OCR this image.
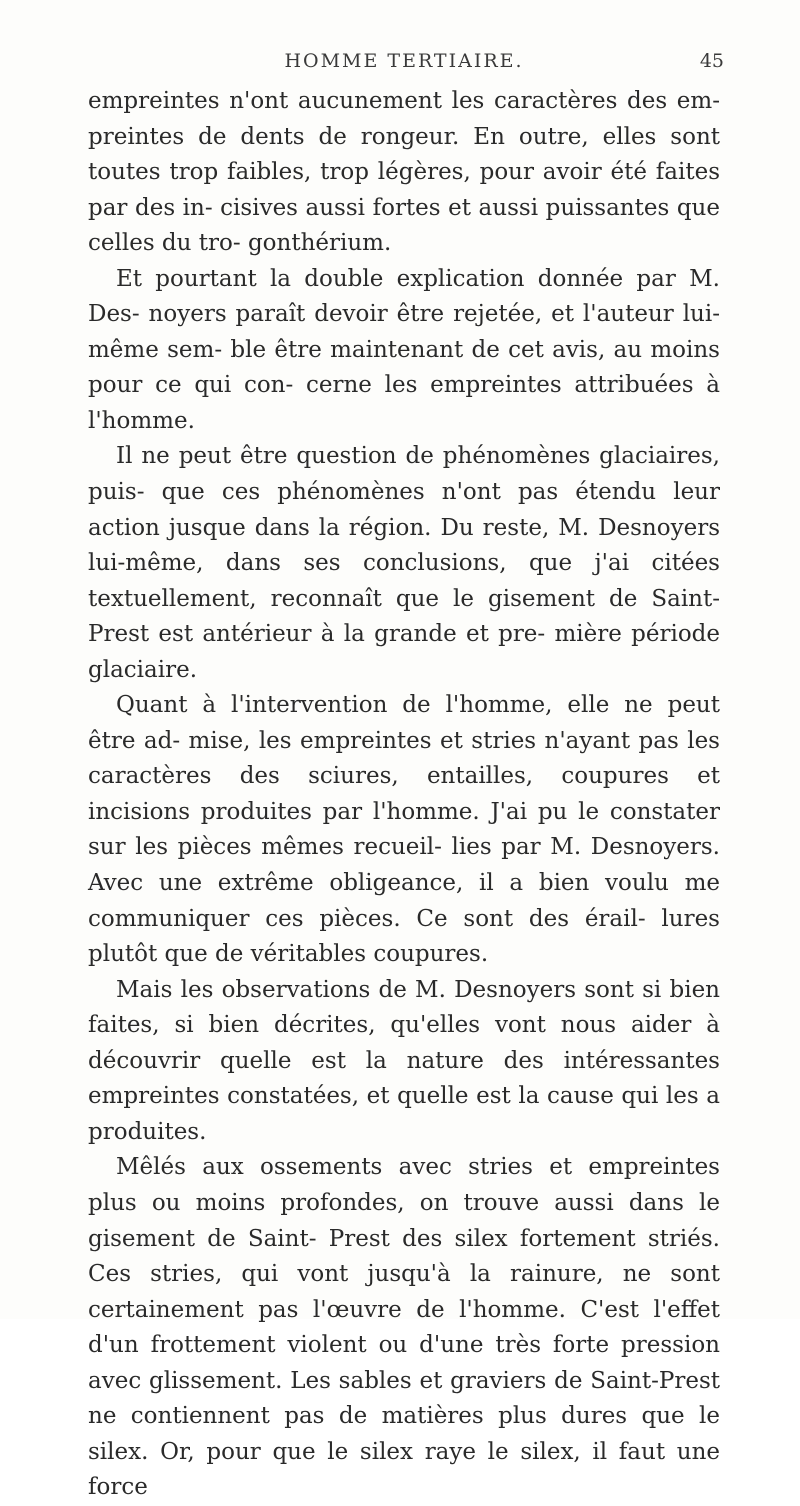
HOMME TERTIAIRE.	45

empreintes n'ont aucunement les caractères des em- preintes de dents de rongeur. En outre, elles sont toutes trop faibles, trop légères, pour avoir été faites par des in- cisives aussi fortes et aussi puissantes que celles du tro- gonthérium.

Et pourtant la double explication donnée par M. Des- noyers paraît devoir être rejetée, et l'auteur lui-même sem- ble être maintenant de cet avis, au moins pour ce qui con- cerne les empreintes attribuées à l'homme.

Il ne peut être question de phénomènes glaciaires, puis- que ces phénomènes n'ont pas étendu leur action jusque dans la région. Du reste, M. Desnoyers lui-même, dans ses conclusions, que j'ai citées textuellement, reconnaît que le gisement de Saint-Prest est antérieur à la grande et pre- mière période glaciaire.

Quant à l'intervention de l'homme, elle ne peut être ad- mise, les empreintes et stries n'ayant pas les caractères des sciures, entailles, coupures et incisions produites par l'homme. J'ai pu le constater sur les pièces mêmes recueil- lies par M. Desnoyers. Avec une extrême obligeance, il a bien voulu me communiquer ces pièces. Ce sont des érail- lures plutôt que de véritables coupures.

Mais les observations de M. Desnoyers sont si bien faites, si bien décrites, qu'elles vont nous aider à découvrir quelle est la nature des intéressantes empreintes constatées, et quelle est la cause qui les a produites.

Mêlés aux ossements avec stries et empreintes plus ou moins profondes, on trouve aussi dans le gisement de Saint- Prest des silex fortement striés. Ces stries, qui vont jusqu'à la rainure, ne sont certainement pas l'œuvre de l'homme. C'est l'effet d'un frottement violent ou d'une très forte pression avec glissement. Les sables et graviers de Saint-Prest ne contiennent pas de matières plus dures que le silex. Or, pour que le silex raye le silex, il faut une force
